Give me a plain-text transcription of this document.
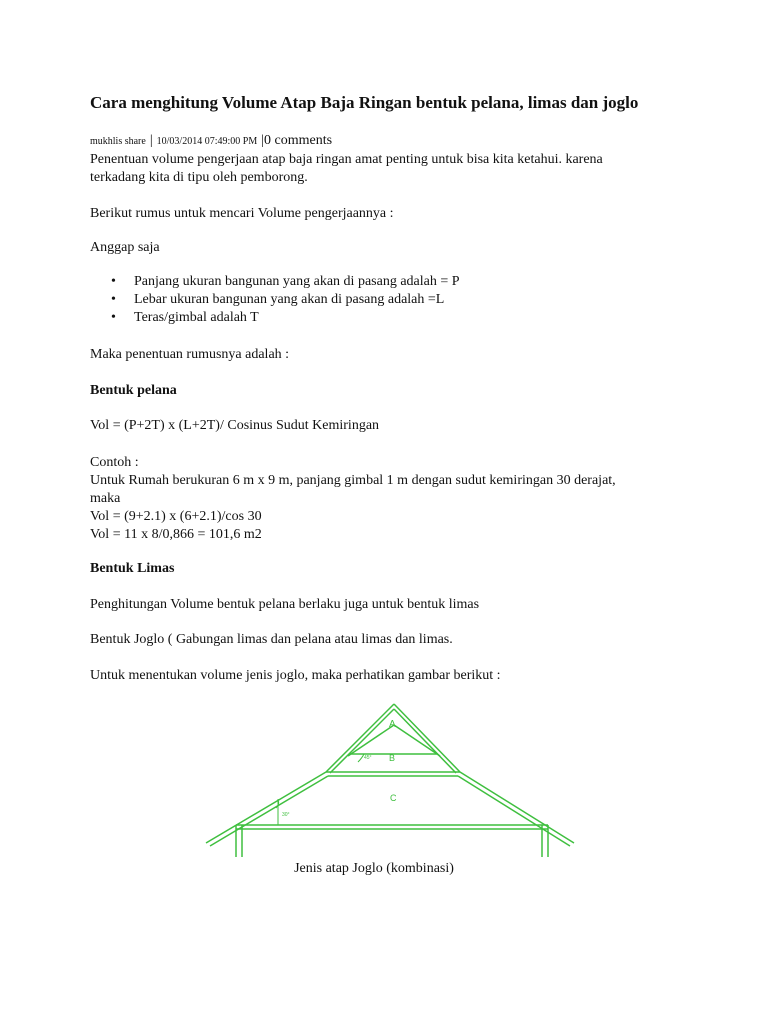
Cara menghitung Volume Atap Baja Ringan bentuk pelana, limas dan joglo
mukhlis share | 10/03/2014 07:49:00 PM |0 comments
Penentuan volume pengerjaan atap baja ringan amat penting untuk bisa kita ketahui. karena
terkadang kita di tipu oleh pemborong.
Berikut rumus untuk mencari Volume pengerjaannya :
Anggap saja
• Panjang ukuran bangunan yang akan di pasang adalah = P
• Lebar ukuran bangunan yang akan di pasang adalah =L
• Teras/gimbal adalah T
Maka penentuan rumusnya adalah :
Bentuk pelana
Vol = (P+2T) x (L+2T)/ Cosinus Sudut Kemiringan
Contoh :
Untuk Rumah berukuran 6 m x 9 m, panjang gimbal 1 m dengan sudut kemiringan 30 derajat,
maka
Vol = (9+2.1) x (6+2.1)/cos 30
Vol = 11 x 8/0,866 = 101,6 m2
Bentuk Limas
Penghitungan Volume bentuk pelana berlaku juga untuk bentuk limas
Bentuk Joglo ( Gabungan limas dan pelana atau limas dan limas.
Untuk menentukan volume jenis joglo, maka perhatikan gambar berikut :
A
B
C
45°
30°
Jenis atap Joglo (kombinasi)
